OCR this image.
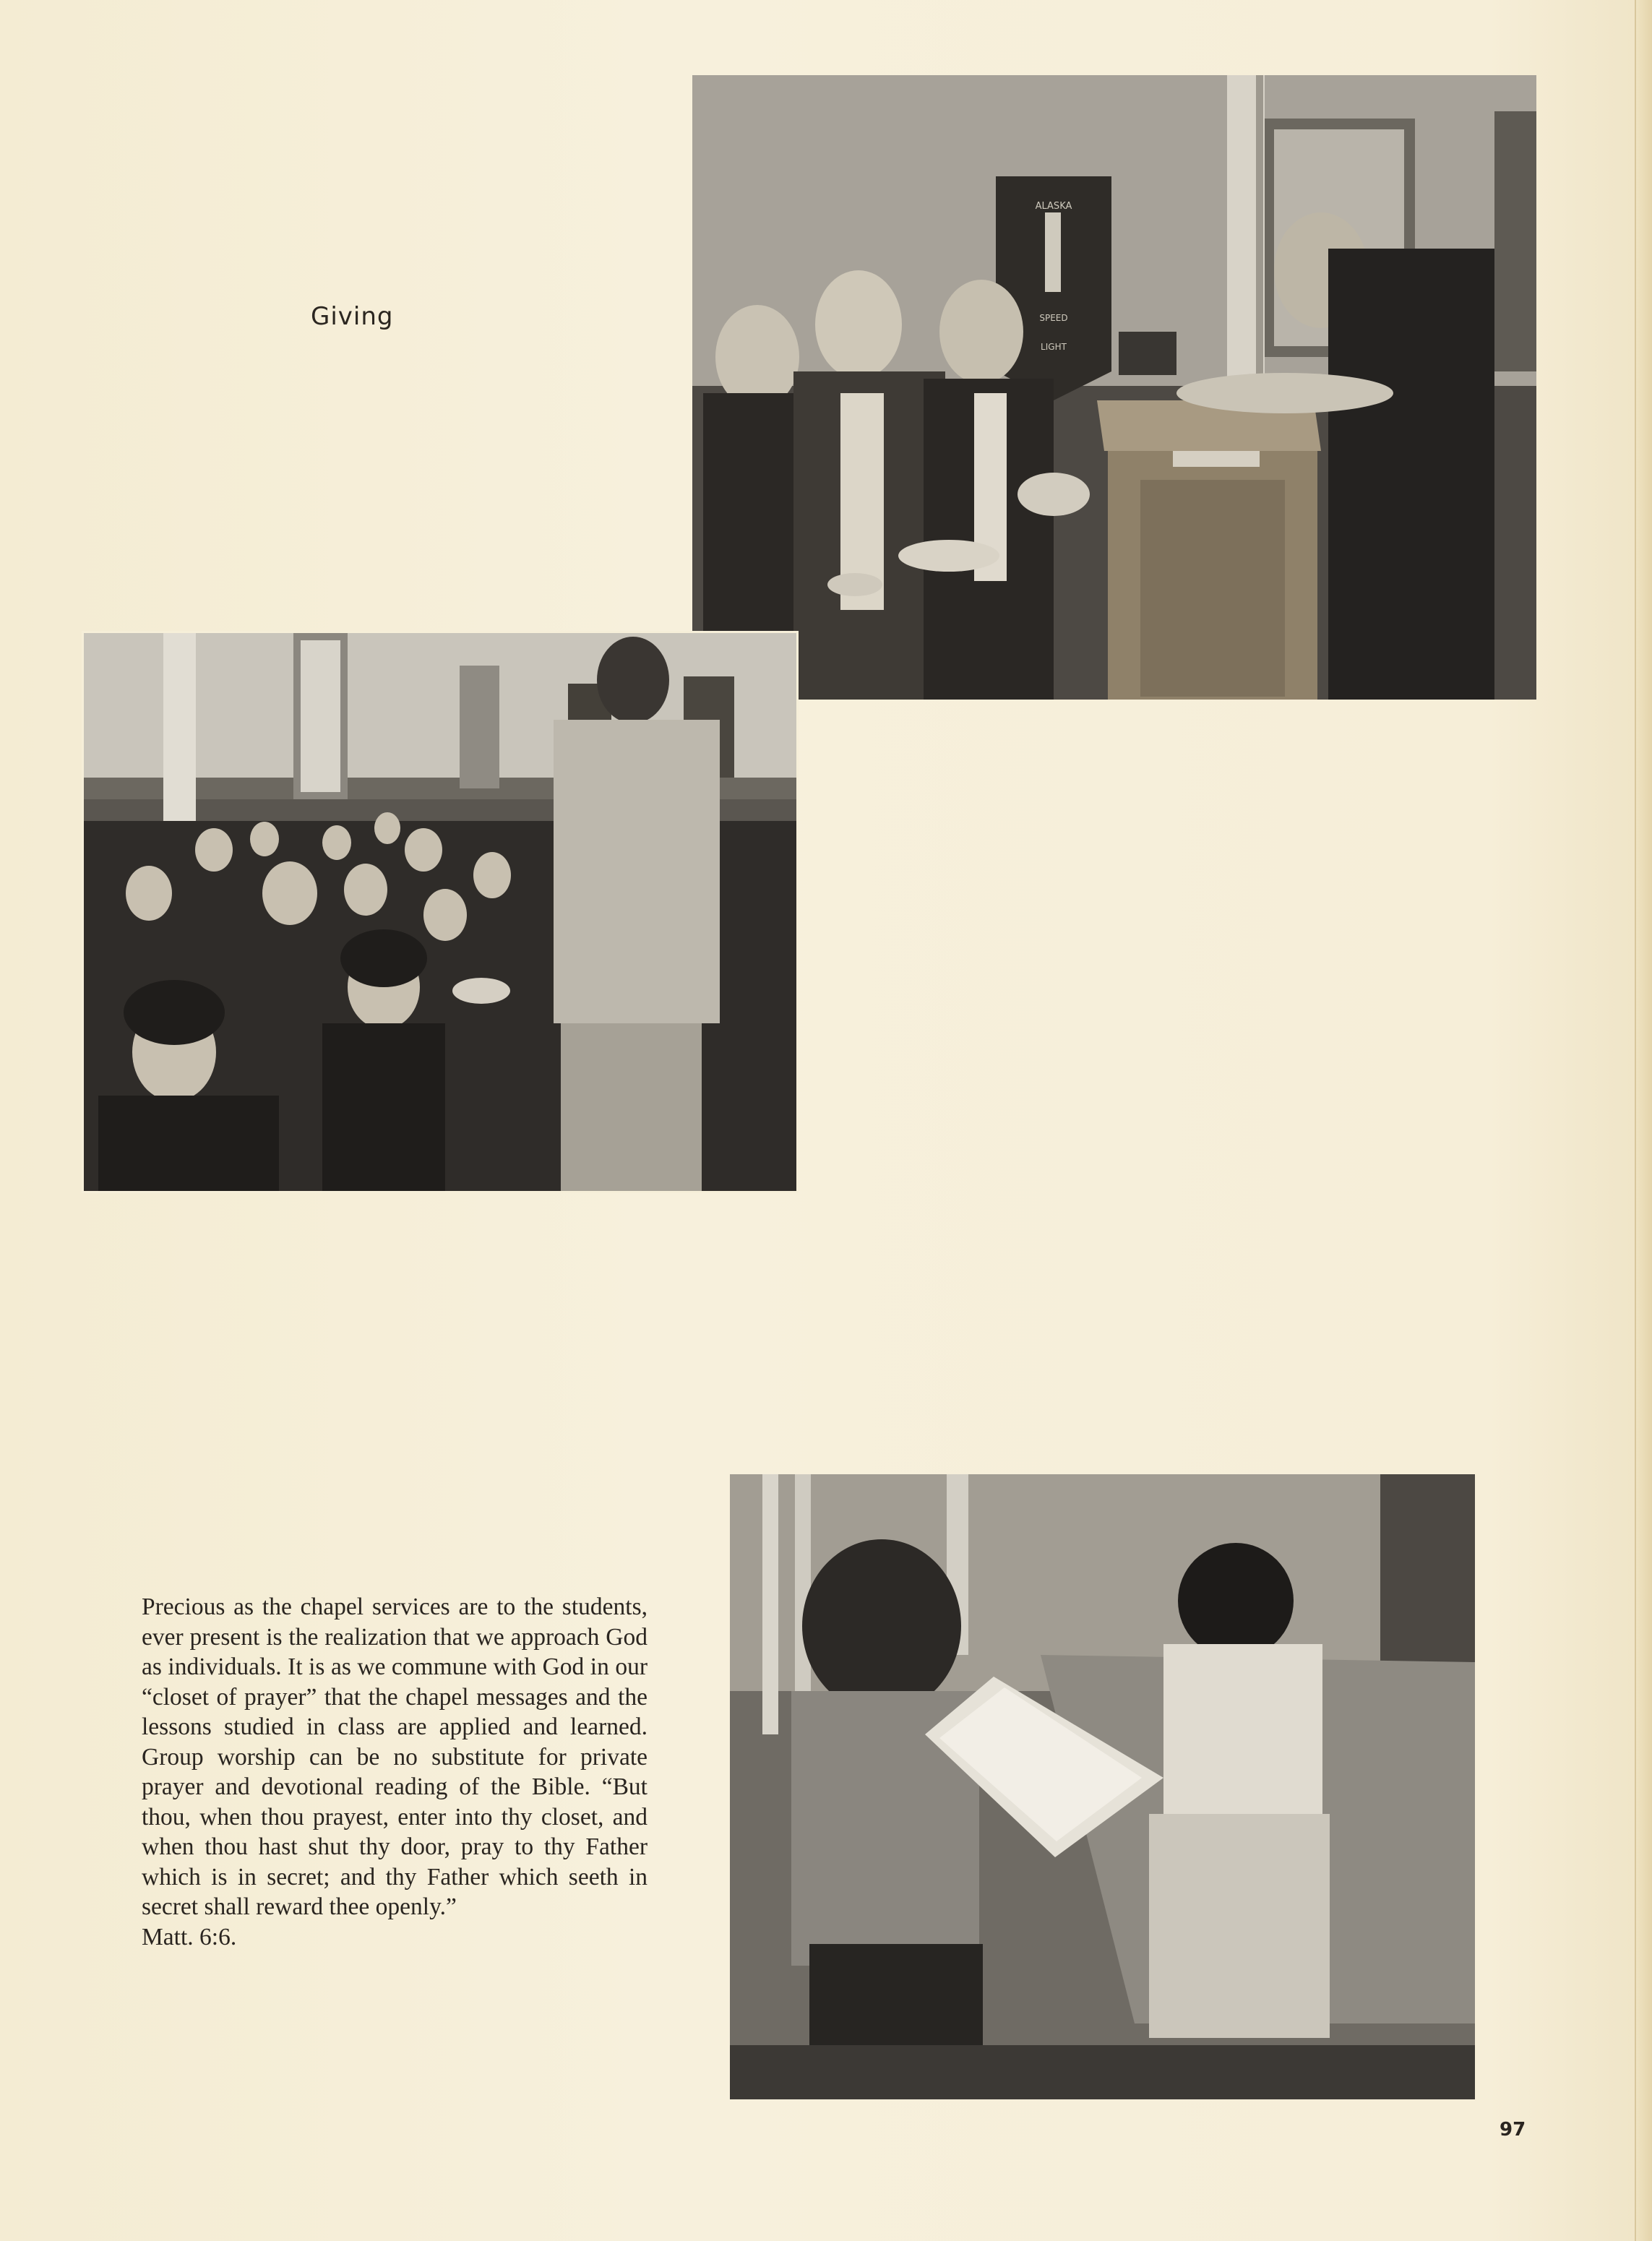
Giving
ALASKA
SPEED
LIGHT

Precious as the chapel services are to the students, ever present is the realization that we approach God as individuals. It is as we commune with God in our “closet of prayer” that the chapel messages and the lessons studied in class are applied and learned. Group worship can be no substitute for private prayer and devotional reading of the Bible. “But thou, when thou prayest, enter into thy closet, and when thou hast shut thy door, pray to thy Father which is in secret; and thy Father which seeth in secret shall reward thee openly.”

Matt. 6:6.

97
